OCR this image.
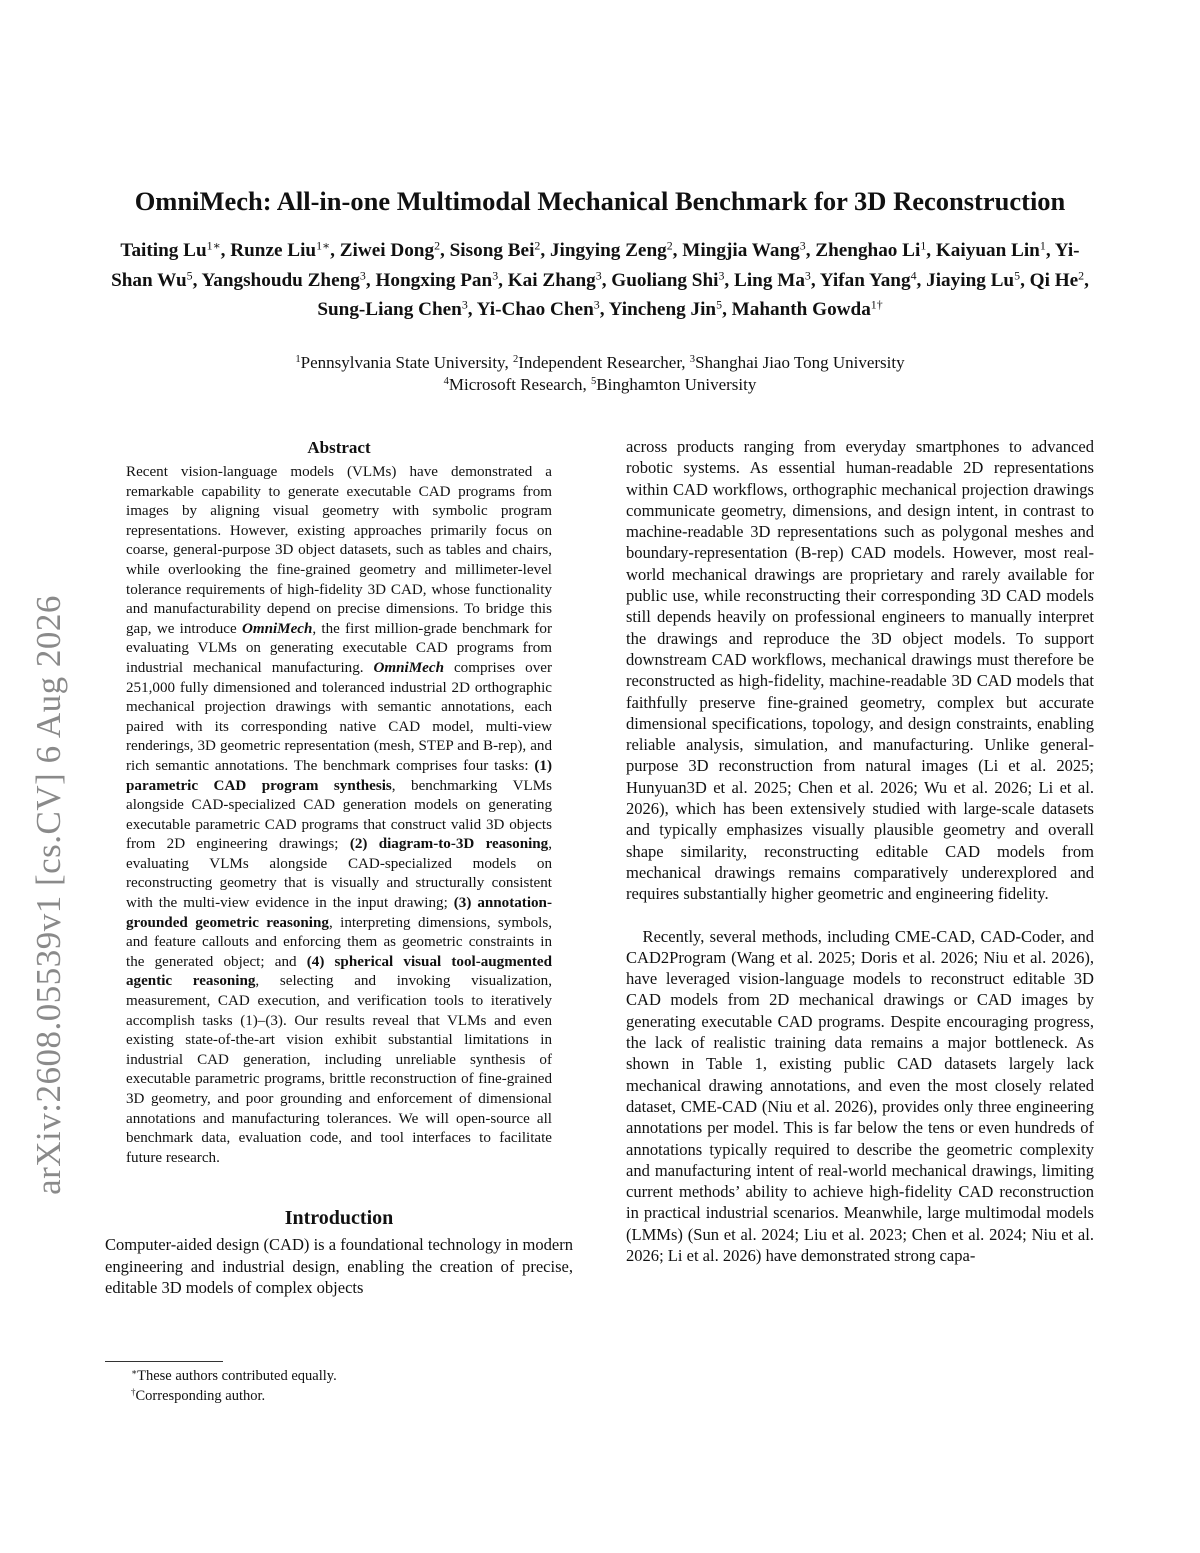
arXiv:2608.05539v1 [cs.CV] 6 Aug 2026
OmniMech: All-in-one Multimodal Mechanical Benchmark for 3D Reconstruction
Taiting $Lu^{1∗}$, Runze Liu$^{1∗}$, Ziwei Dong$^2$, Sisong Bei$^2$, Jingying Zeng$^2$, Mingjia Wang$^3$, Zhenghao Li$^1$, Kaiyuan Lin$^1$, Yi-Shan Wu$^5$, Yangshoudu Zheng$^3$, Hongxing Pan$^3$, Kai Zhang$^3$, Guoliang Shi$^3$, Ling Ma$^3$, Yifan Yang$^4$, Jiaying Lu$^5$, Qi He$^2$, Sung-Liang Chen$^3$, Yi-Chao Chen$^3$, Yincheng Jin$^5$, Mahanth Gowda$^{1\dagger}$
$^1$Pennsylvania State University, $^2$Independent Researcher, $^3$Shanghai Jiao Tong University
$^4$Microsoft Research, $^5$Binghamton University
Abstract

Recent vision-language models (VLMs) have demonstrated a remarkable capability to generate executable CAD programs from images by aligning visual geometry with symbolic program representations. However, existing approaches primarily focus on coarse, general-purpose 3D object datasets, such as tables and chairs, while overlooking the fine-grained geometry and millimeter-level tolerance requirements of high-fidelity 3D CAD, whose functionality and manufacturability depend on precise dimensions. To bridge this gap, we introduce OmniMech, the first million-grade benchmark for evaluating VLMs on generating executable CAD programs from industrial mechanical manufacturing. OmniMech comprises over 251,000 fully dimensioned and toleranced industrial 2D orthographic mechanical projection drawings with semantic annotations, each paired with its corresponding native CAD model, multi-view renderings, 3D geometric representation (mesh, STEP and B-rep), and rich semantic annotations. The benchmark comprises four tasks: (1) parametric CAD program synthesis, benchmarking VLMs alongside CAD-specialized CAD generation models on generating executable parametric CAD programs that construct valid 3D objects from 2D engineering drawings; (2) diagram-to-3D reasoning, evaluating VLMs alongside CAD-specialized models on reconstructing geometry that is visually and structurally consistent with the multi-view evidence in the input drawing; (3) annotation-grounded geometric reasoning, interpreting dimensions, symbols, and feature callouts and enforcing them as geometric constraints in the generated object; and (4) spherical visual tool-augmented agentic reasoning, selecting and invoking visualization, measurement, CAD execution, and verification tools to iteratively accomplish tasks (1)–(3). Our results reveal that VLMs and even existing state-of-the-art vision exhibit substantial limitations in industrial CAD generation, including unreliable synthesis of executable parametric programs, brittle reconstruction of fine-grained 3D geometry, and poor grounding and enforcement of dimensional annotations and manufacturing tolerances. We will open-source all benchmark data, evaluation code, and tool interfaces to facilitate future research.

Introduction

Computer-aided design (CAD) is a foundational technology in modern engineering and industrial design, enabling the creation of precise, editable 3D models of complex objects

across products ranging from everyday smartphones to advanced robotic systems. As essential human-readable 2D representations within CAD workflows, orthographic mechanical projection drawings communicate geometry, dimensions, and design intent, in contrast to machine-readable 3D representations such as polygonal meshes and boundary-representation (B-rep) CAD models. However, most real-world mechanical drawings are proprietary and rarely available for public use, while reconstructing their corresponding 3D CAD models still depends heavily on professional engineers to manually interpret the drawings and reproduce the 3D object models. To support downstream CAD workflows, mechanical drawings must therefore be reconstructed as high-fidelity, machine-readable 3D CAD models that faithfully preserve fine-grained geometry, complex but accurate dimensional specifications, topology, and design constraints, enabling reliable analysis, simulation, and manufacturing. Unlike general-purpose 3D reconstruction from natural images (Li et al. 2025; Hunyuan3D et al. 2025; Chen et al. 2026; Wu et al. 2026; Li et al. 2026), which has been extensively studied with large-scale datasets and typically emphasizes visually plausible geometry and overall shape similarity, reconstructing editable CAD models from mechanical drawings remains comparatively underexplored and requires substantially higher geometric and engineering fidelity.

Recently, several methods, including CME-CAD, CAD-Coder, and CAD2Program (Wang et al. 2025; Doris et al. 2026; Niu et al. 2026), have leveraged vision-language models to reconstruct editable 3D CAD models from 2D mechanical drawings or CAD images by generating executable CAD programs. Despite encouraging progress, the lack of realistic training data remains a major bottleneck. As shown in Table 1, existing public CAD datasets largely lack mechanical drawing annotations, and even the most closely related dataset, CME-CAD (Niu et al. 2026), provides only three engineering annotations per model. This is far below the tens or even hundreds of annotations typically required to describe the geometric complexity and manufacturing intent of real-world mechanical drawings, limiting current methods’ ability to achieve high-fidelity CAD reconstruction in practical industrial scenarios. Meanwhile, large multimodal models (LMMs) (Sun et al. 2024; Liu et al. 2023; Chen et al. 2024; Niu et al. 2026; Li et al. 2026) have demonstrated strong capa-

∗These authors contributed equally.
†Corresponding author.
